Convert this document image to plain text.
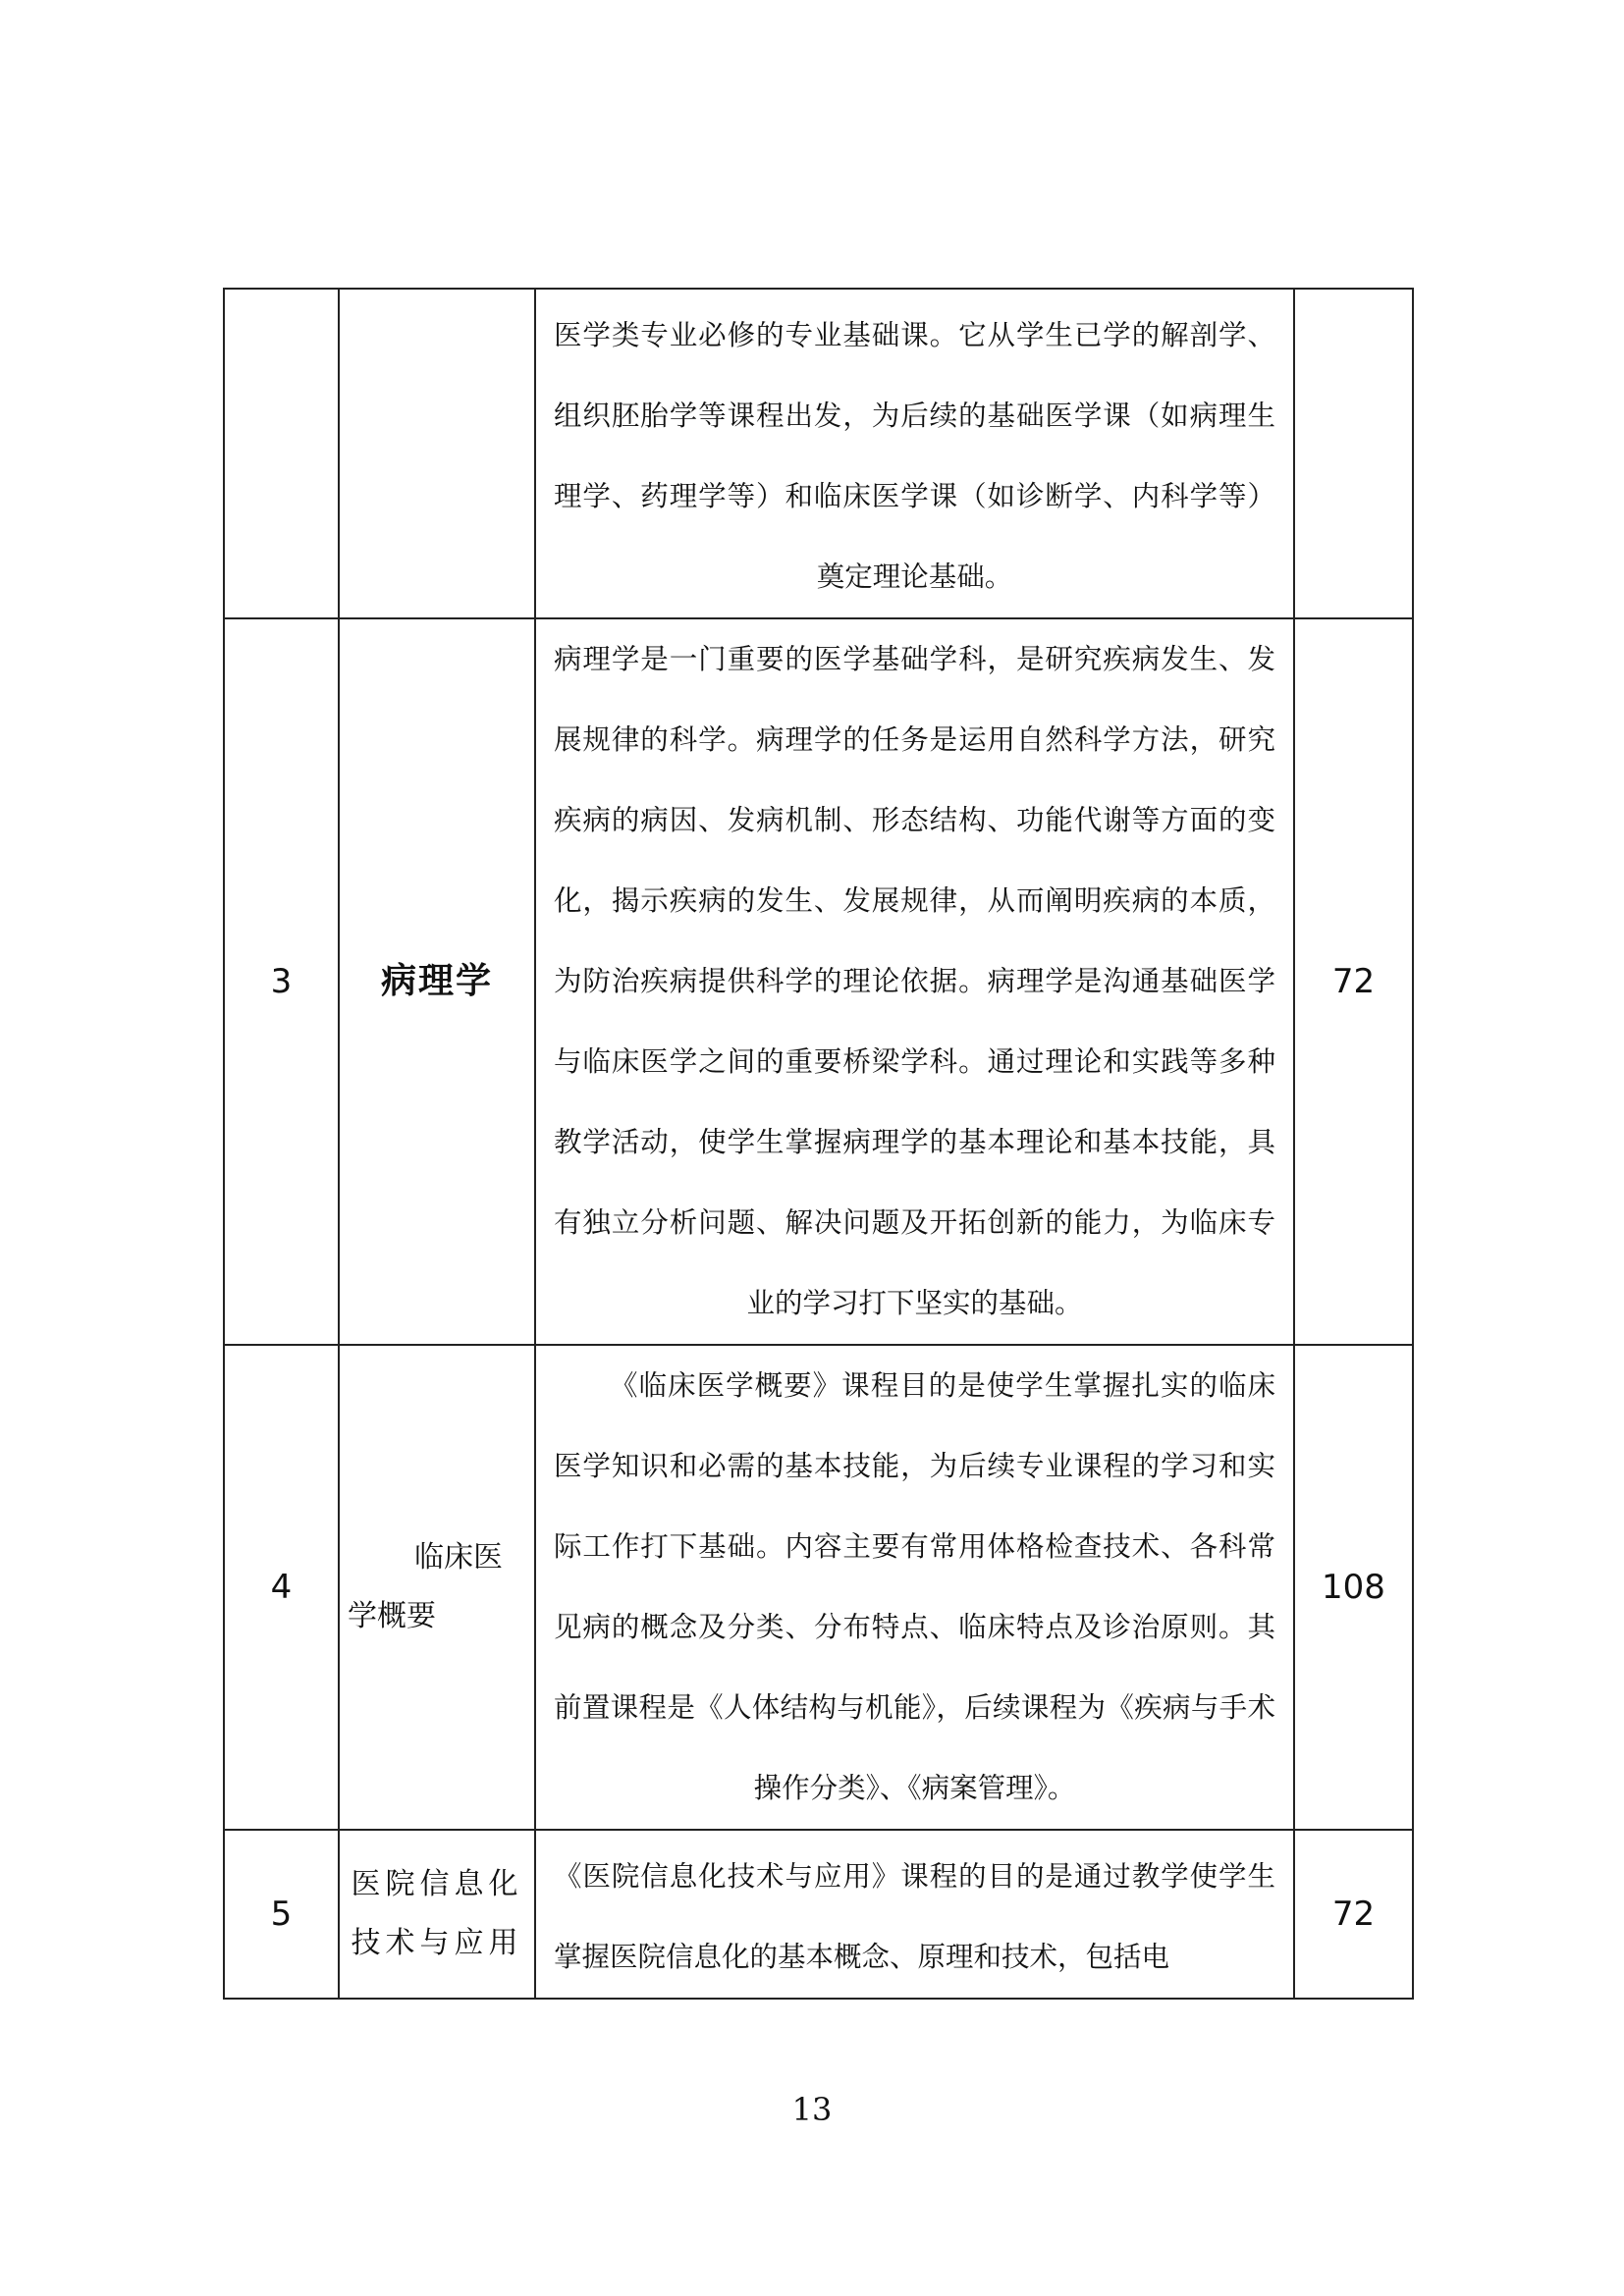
		医学类专业必修的专业基础课。它从学生已学的解剖学、组织胚胎学等课程出发，为后续的基础医学课（如病理生理学、药理学等）和临床医学课（如诊断学、内科学等）奠定理论基础。	
3	病理学	病理学是一门重要的医学基础学科，是研究疾病发生、发展规律的科学。病理学的任务是运用自然科学方法，研究疾病的病因、发病机制、形态结构、功能代谢等方面的变化，揭示疾病的发生、发展规律，从而阐明疾病的本质，为防治疾病提供科学的理论依据。病理学是沟通基础医学与临床医学之间的重要桥梁学科。通过理论和实践等多种教学活动，使学生掌握病理学的基本理论和基本技能，具有独立分析问题、解决问题及开拓创新的能力，为临床专业的学习打下坚实的基础。	72
4	临床医学概要	《临床医学概要》课程目的是使学生掌握扎实的临床医学知识和必需的基本技能，为后续专业课程的学习和实际工作打下基础。内容主要有常用体格检查技术、各科常见病的概念及分类、分布特点、临床特点及诊治原则。其前置课程是《人体结构与机能》，后续课程为《疾病与手术操作分类》、《病案管理》。	108
5	医院信息化技术与应用	《医院信息化技术与应用》课程的目的是通过教学使学生掌握医院信息化的基本概念、原理和技术，包括电	72
13
